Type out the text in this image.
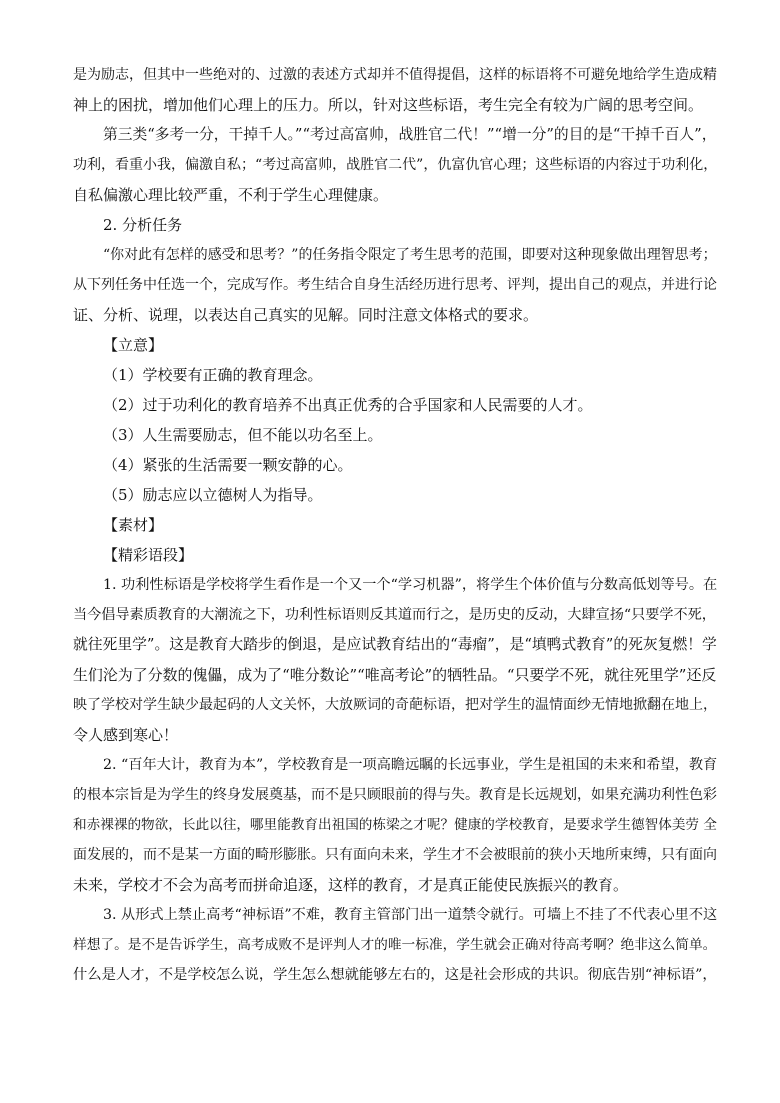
是为励志，但其中一些绝对的、过激的表述方式却并不值得提倡，这样的标语将不可避免地给学生造成精
神上的困扰，增加他们心理上的压力。所以，针对这些标语，考生完全有较为广阔的思考空间。
第三类“多考一分，干掉千人。”“考过高富帅，战胜官二代！”“增一分”的目的是“干掉千百人”，
功利，看重小我，偏激自私；“考过高富帅，战胜官二代”，仇富仇官心理；这些标语的内容过于功利化，
自私偏激心理比较严重，不利于学生心理健康。
2. 分析任务
“你对此有怎样的感受和思考？”的任务指令限定了考生思考的范围，即要对这种现象做出理智思考；
从下列任务中任选一个，完成写作。考生结合自身生活经历进行思考、评判，提出自己的观点，并进行论
证、分析、说理，以表达自己真实的见解。同时注意文体格式的要求。
【立意】
（1）学校要有正确的教育理念。
（2）过于功利化的教育培养不出真正优秀的合乎国家和人民需要的人才。
（3）人生需要励志，但不能以功名至上。
（4）紧张的生活需要一颗安静的心。
（5）励志应以立德树人为指导。
【素材】
【精彩语段】
1. 功利性标语是学校将学生看作是一个又一个“学习机器”，将学生个体价值与分数高低划等号。在
当今倡导素质教育的大潮流之下，功利性标语则反其道而行之，是历史的反动，大肆宣扬“只要学不死，
就往死里学”。这是教育大踏步的倒退，是应试教育结出的“毒瘤”，是“填鸭式教育”的死灰复燃！学
生们沦为了分数的傀儡，成为了“唯分数论”“唯高考论”的牺牲品。“只要学不死，就往死里学”还反
映了学校对学生缺少最起码的人文关怀，大放厥词的奇葩标语，把对学生的温情面纱无情地掀翻在地上，
令人感到寒心！
2. “百年大计，教育为本”，学校教育是一项高瞻远瞩的长远事业，学生是祖国的未来和希望，教育
的根本宗旨是为学生的终身发展奠基，而不是只顾眼前的得与失。教育是长远规划，如果充满功利性色彩
和赤裸裸的物欲，长此以往，哪里能教育出祖国的栋梁之才呢？健康的学校教育，是要求学生德智体美劳 全
面发展的，而不是某一方面的畸形膨胀。只有面向未来，学生才不会被眼前的狭小天地所束缚，只有面向
未来，学校才不会为高考而拼命追逐，这样的教育，才是真正能使民族振兴的教育。
3. 从形式上禁止高考“神标语”不难，教育主管部门出一道禁令就行。可墙上不挂了不代表心里不这
样想了。是不是告诉学生，高考成败不是评判人才的唯一标准，学生就会正确对待高考啊？绝非这么简单。
什么是人才，不是学校怎么说，学生怎么想就能够左右的，这是社会形成的共识。彻底告别“神标语”，
